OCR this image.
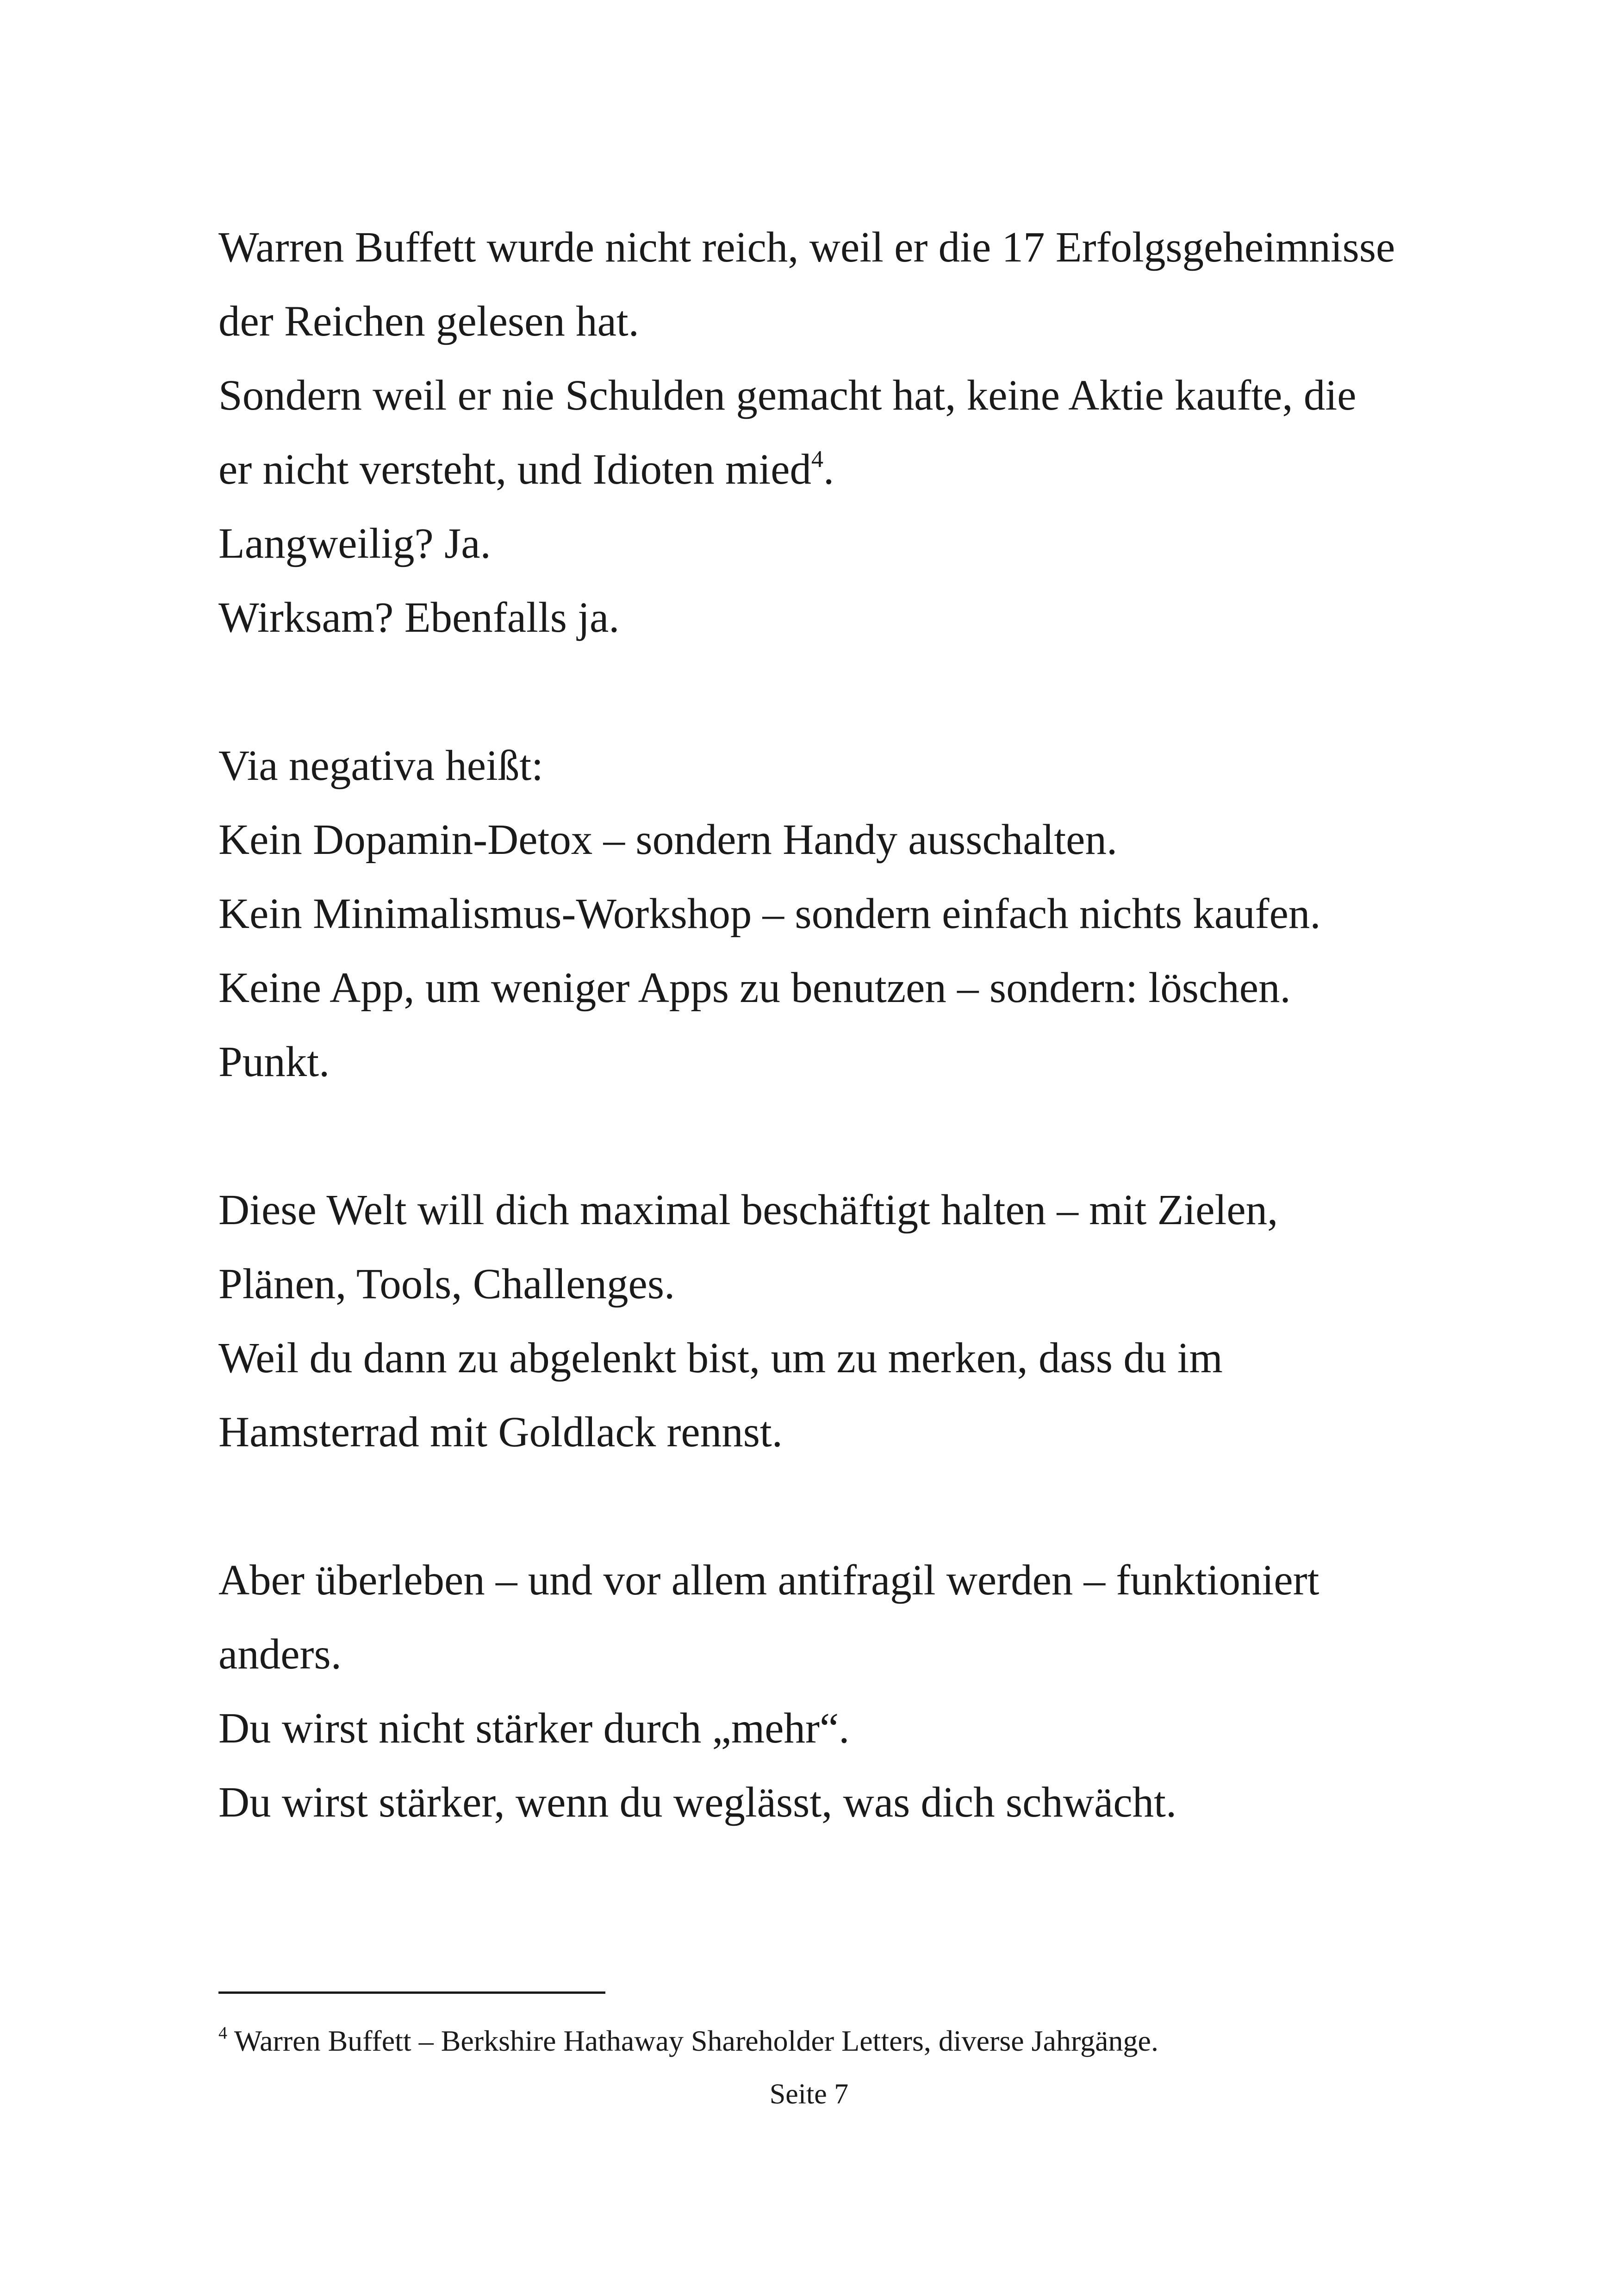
Warren Buffett wurde nicht reich, weil er die 17 Erfolgsgeheimnisse
der Reichen gelesen hat.
Sondern weil er nie Schulden gemacht hat, keine Aktie kaufte, die
er nicht versteht, und Idioten mied$^4$.
Langweilig? Ja.
Wirksam? Ebenfalls ja.

Via negativa heißt:
Kein Dopamin-Detox – sondern Handy ausschalten.
Kein Minimalismus-Workshop – sondern einfach nichts kaufen.
Keine App, um weniger Apps zu benutzen – sondern: löschen.
Punkt.

Diese Welt will dich maximal beschäftigt halten – mit Zielen,
Plänen, Tools, Challenges.
Weil du dann zu abgelenkt bist, um zu merken, dass du im
Hamsterrad mit Goldlack rennst.

Aber überleben – und vor allem antifragil werden – funktioniert
anders.
Du wirst nicht stärker durch „mehr“.
Du wirst stärker, wenn du weglässt, was dich schwächt.

$^4$ Warren Buffett – Berkshire Hathaway Shareholder Letters, diverse Jahrgänge.
Seite 7
